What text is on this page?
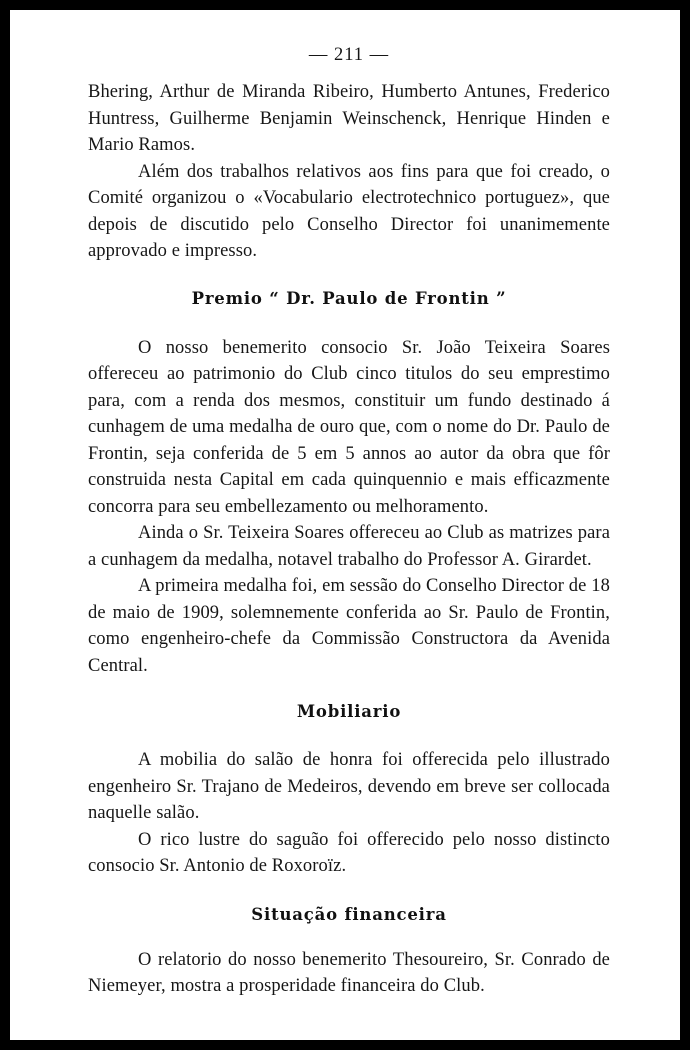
— 211 —

Bhering, Arthur de Miranda Ribeiro, Humberto Antunes, Frederico Huntress, Guilherme Benjamin Weinschenck, Henrique Hinden e Mario Ramos.

Além dos trabalhos relativos aos fins para que foi creado, o Comité organizou o «Vocabulario electrotechnico portuguez», que depois de discutido pelo Conselho Director foi unanimemente approvado e impresso.

Premio “ Dr. Paulo de Frontin ”

O nosso benemerito consocio Sr. João Teixeira Soares offereceu ao patrimonio do Club cinco titulos do seu emprestimo para, com a renda dos mesmos, constituir um fundo destinado á cunhagem de uma medalha de ouro que, com o nome do Dr. Paulo de Frontin, seja conferida de 5 em 5 annos ao autor da obra que fôr construida nesta Capital em cada quinquennio e mais efficazmente concorra para seu embellezamento ou melhoramento.

Ainda o Sr. Teixeira Soares offereceu ao Club as matrizes para a cunhagem da medalha, notavel trabalho do Professor A. Girardet.

A primeira medalha foi, em sessão do Conselho Director de 18 de maio de 1909, solemnemente conferida ao Sr. Paulo de Frontin, como engenheiro-chefe da Commissão Constructora da Avenida Central.

Mobiliario

A mobilia do salão de honra foi offerecida pelo illustrado engenheiro Sr. Trajano de Medeiros, devendo em breve ser collocada naquelle salão.

O rico lustre do saguão foi offerecido pelo nosso distincto consocio Sr. Antonio de Roxoroïz.

Situação financeira

O relatorio do nosso benemerito Thesoureiro, Sr. Conrado de Niemeyer, mostra a prosperidade financeira do Club.
